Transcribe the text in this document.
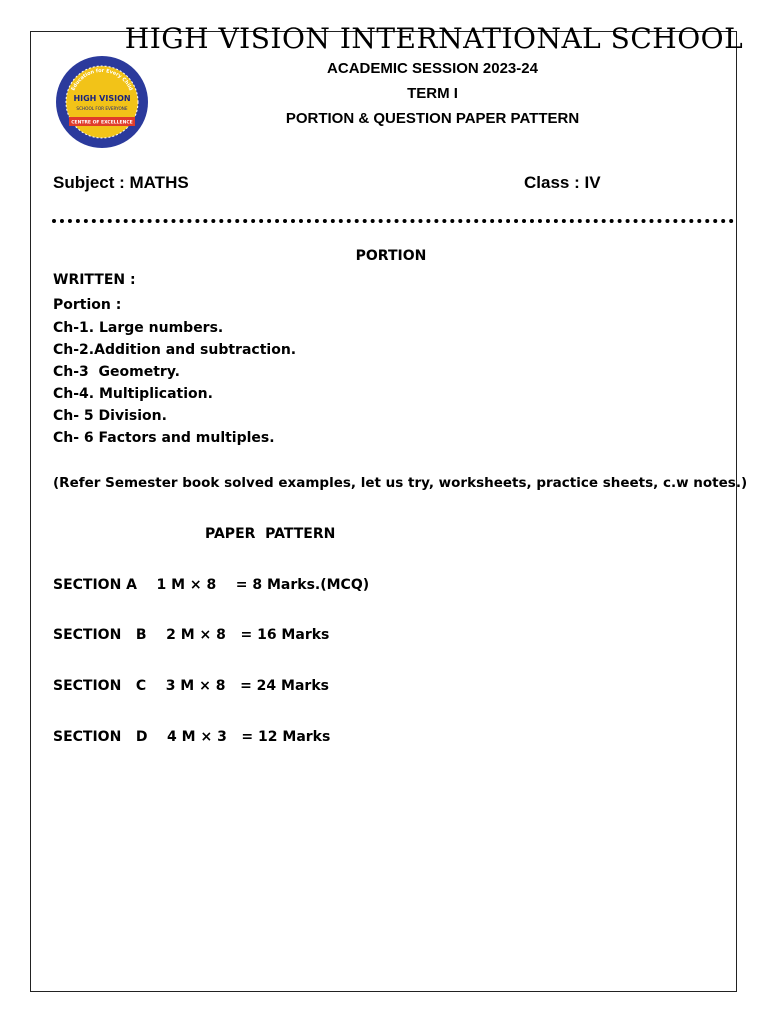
HIGH VISION INTERNATIONAL SCHOOL
ACADEMIC SESSION 2023-24
TERM I
PORTION & QUESTION PAPER PATTERN
Education for Every Child
HIGH VISION
SCHOOL FOR EVERYONE
CENTRE OF EXCELLENCE
Subject : MATHS	Class : IV
PORTION
WRITTEN :
Portion :
Ch-1. Large numbers.
Ch-2.Addition and subtraction.
Ch-3  Geometry.
Ch-4. Multiplication.
Ch- 5 Division.
Ch- 6 Factors and multiples.
(Refer Semester book solved examples, let us try, worksheets, practice sheets, c.w notes.)
PAPER  PATTERN
SECTION A    1 M × 8    = 8 Marks.(MCQ)
SECTION   B    2 M × 8   = 16 Marks
SECTION   C    3 M × 8   = 24 Marks
SECTION   D    4 M × 3   = 12 Marks
